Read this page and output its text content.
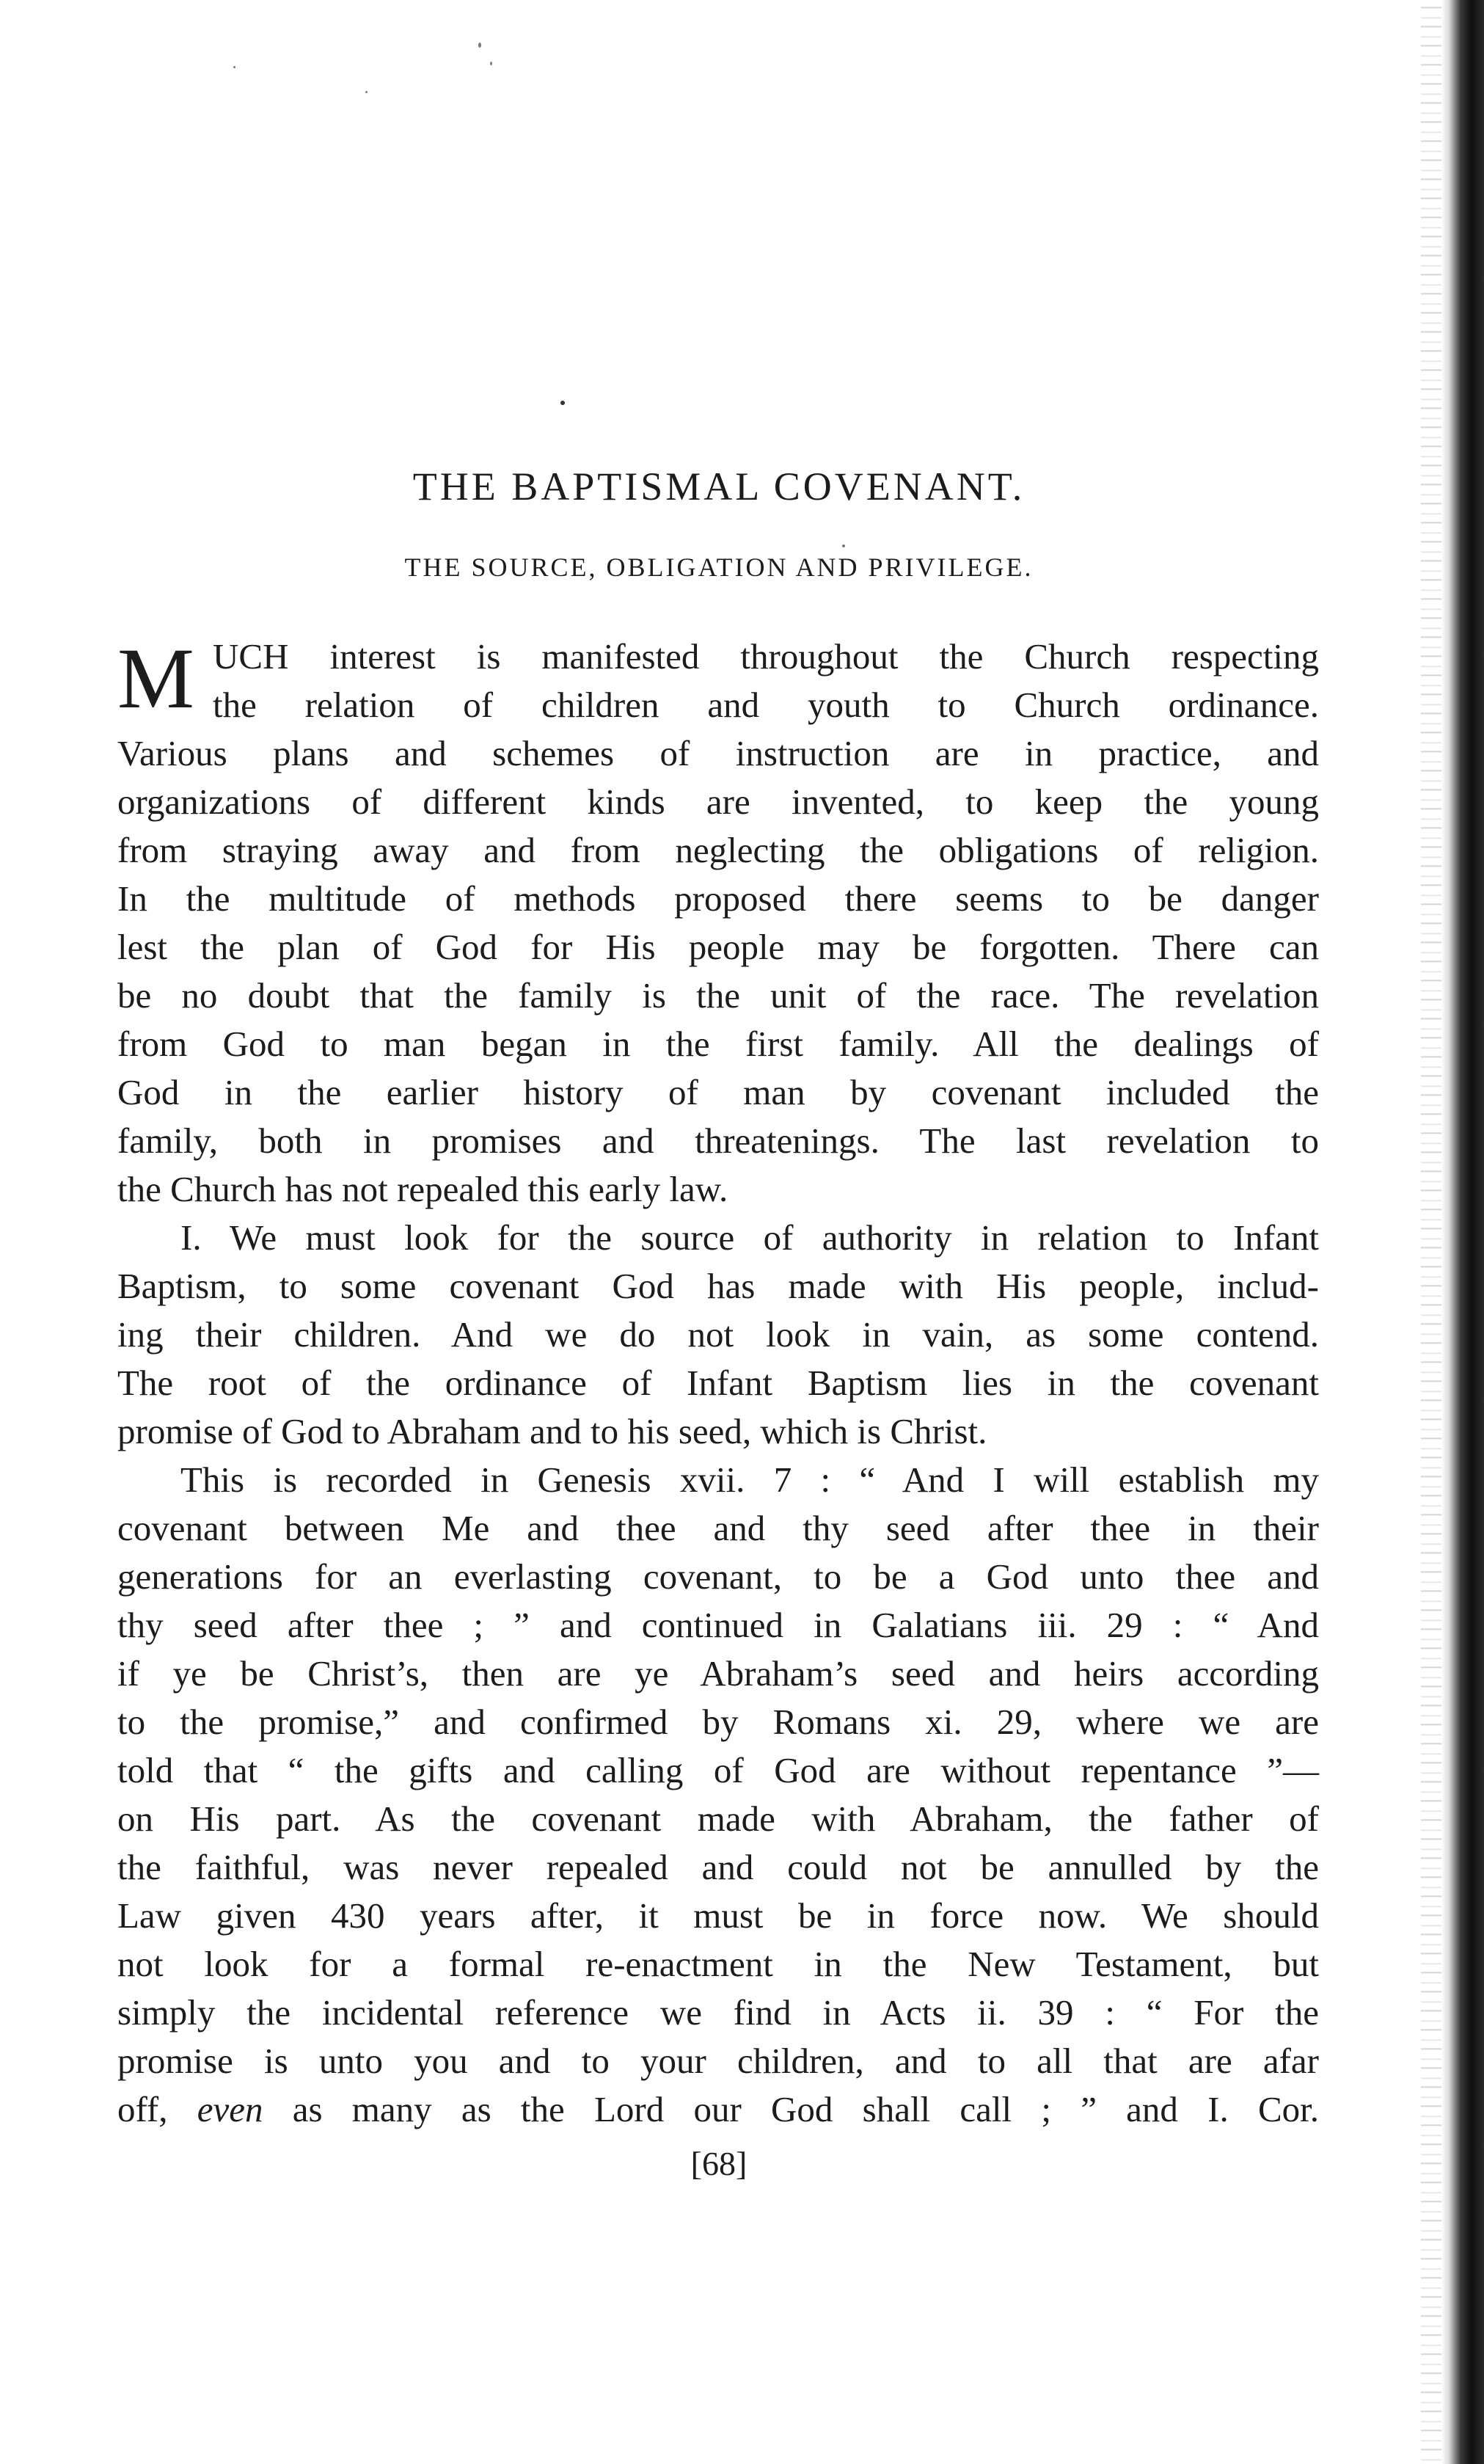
THE BAPTISMAL COVENANT.
THE SOURCE, OBLIGATION AND PRIVILEGE.
M UCH interest is manifested throughout the Church respecting
the relation of children and youth to Church ordinance.
Various plans and schemes of instruction are in practice, and
organizations of different kinds are invented, to keep the young
from straying away and from neglecting the obligations of religion.
In the multitude of methods proposed there seems to be danger
lest the plan of God for His people may be forgotten. There can
be no doubt that the family is the unit of the race. The revelation
from God to man began in the first family. All the dealings of
God in the earlier history of man by covenant included the
family, both in promises and threatenings. The last revelation to
the Church has not repealed this early law.
I. We must look for the source of authority in relation to Infant
Baptism, to some covenant God has made with His people, includ-
ing their children. And we do not look in vain, as some contend.
The root of the ordinance of Infant Baptism lies in the covenant
promise of God to Abraham and to his seed, which is Christ.
This is recorded in Genesis xvii. 7 : “ And I will establish my
covenant between Me and thee and thy seed after thee in their
generations for an everlasting covenant, to be a God unto thee and
thy seed after thee ; ” and continued in Galatians iii. 29 : “ And
if ye be Christ’s, then are ye Abraham’s seed and heirs according
to the promise,” and confirmed by Romans xi. 29, where we are
told that “ the gifts and calling of God are without repentance ”—
on His part. As the covenant made with Abraham, the father of
the faithful, was never repealed and could not be annulled by the
Law given 430 years after, it must be in force now. We should
not look for a formal re-enactment in the New Testament, but
simply the incidental reference we find in Acts ii. 39 : “ For the
promise is unto you and to your children, and to all that are afar
off, even as many as the Lord our God shall call ; ” and I. Cor.

[68]
